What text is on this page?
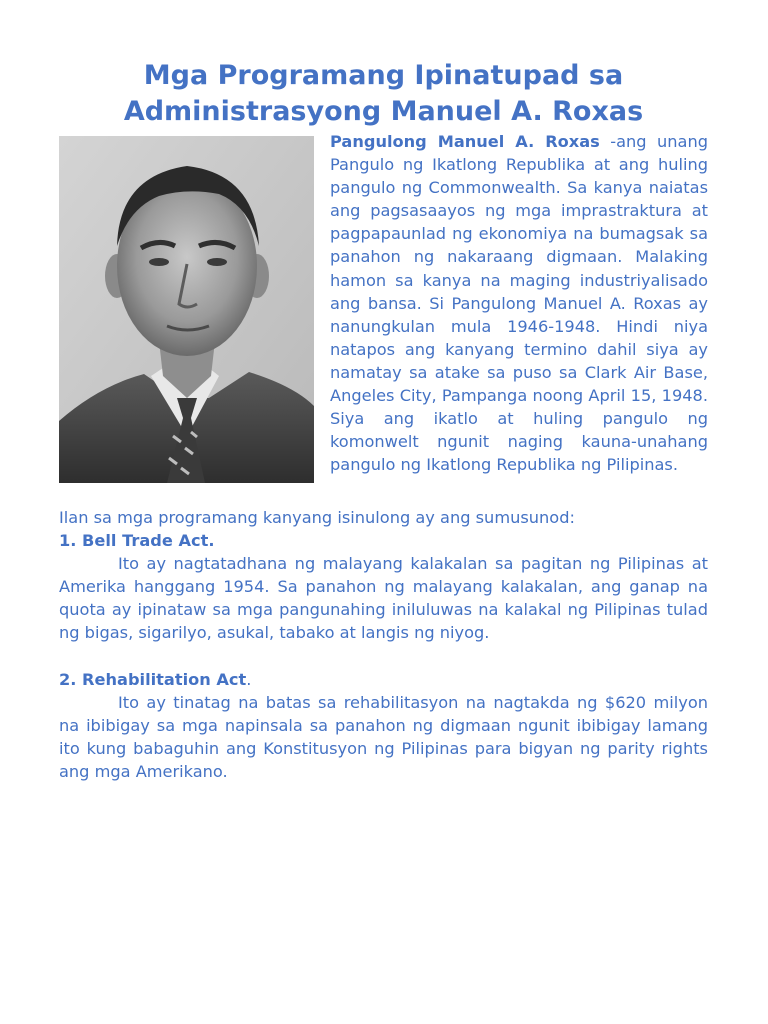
Mga Programang Ipinatupad sa
Administrasyong Manuel A. Roxas

Pangulong Manuel A. Roxas -ang unang Pangulo ng Ikatlong Republika at ang huling pangulo ng Commonwealth. Sa kanya naiatas ang pagsasaayos ng mga imprastraktura at pagpapaunlad ng ekonomiya na bumagsak sa panahon ng nakaraang digmaan. Malaking hamon sa kanya na maging industriyalisado ang bansa. Si Pangulong Manuel A. Roxas ay nanungkulan mula 1946-1948. Hindi niya natapos ang kanyang termino dahil siya ay namatay sa atake sa puso sa Clark Air Base, Angeles City, Pampanga noong April 15, 1948. Siya ang ikatlo at huling pangulo ng komonwelt ngunit naging kauna-unahang pangulo ng Ikatlong Republika ng Pilipinas.

Ilan sa mga programang kanyang isinulong ay ang sumusunod:

1. Bell Trade Act.

Ito ay nagtatadhana ng malayang kalakalan sa pagitan ng Pilipinas at Amerika hanggang 1954. Sa panahon ng malayang kalakalan, ang ganap na quota ay ipinataw sa mga pangunahing iniluluwas na kalakal ng Pilipinas tulad ng bigas, sigarilyo, asukal, tabako at langis ng niyog.

2. Rehabilitation Act.

Ito ay tinatag na batas sa rehabilitasyon na nagtakda ng $620 milyon na ibibigay sa mga napinsala sa panahon ng digmaan ngunit ibibigay lamang ito kung babaguhin ang Konstitusyon ng Pilipinas para bigyan ng parity rights ang mga Amerikano.
